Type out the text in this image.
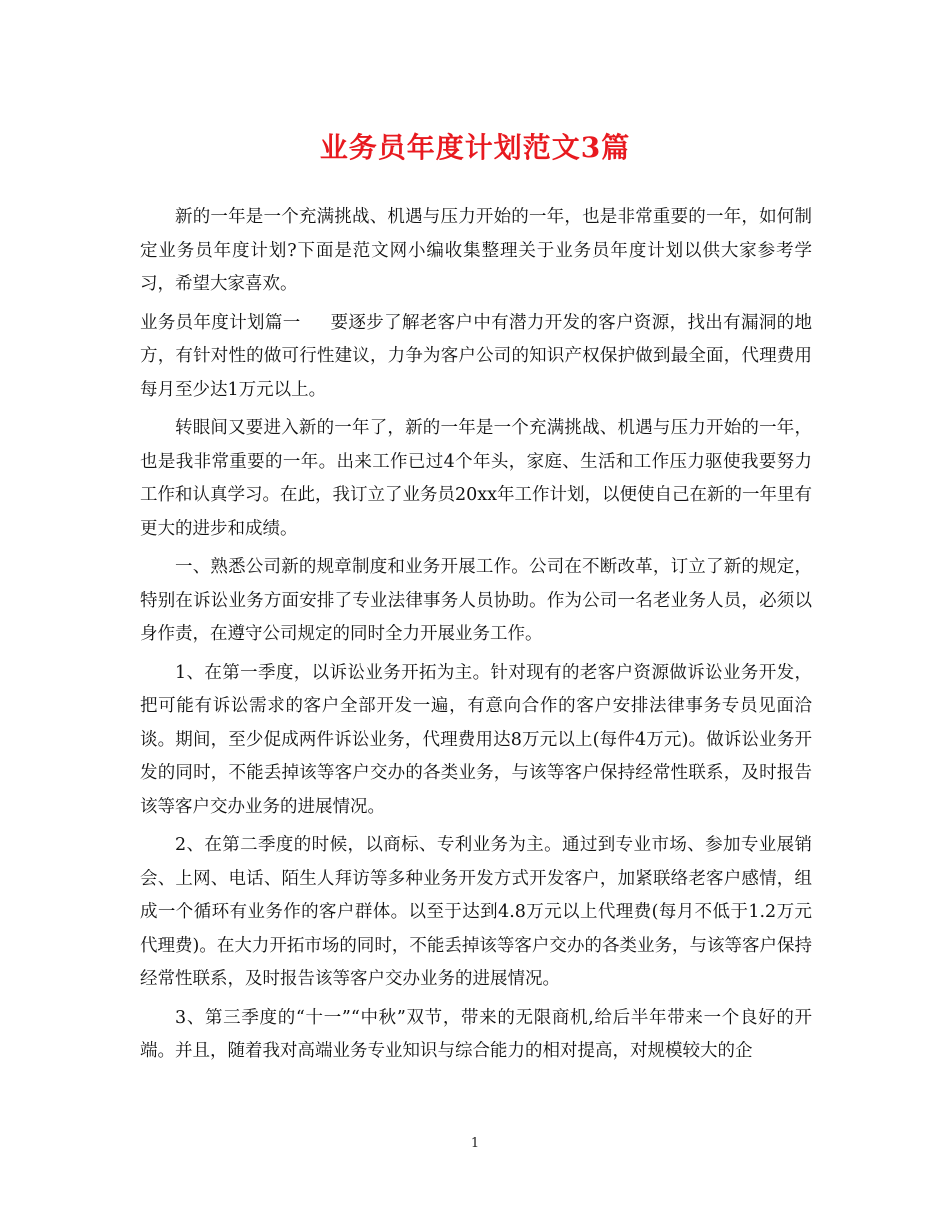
业务员年度计划范文3篇

新的一年是一个充满挑战、机遇与压力开始的一年，也是非常重要的一年，如何制定业务员年度计划?下面是范文网小编收集整理关于业务员年度计划以供大家参考学习，希望大家喜欢。

业务员年度计划篇一 要逐步了解老客户中有潜力开发的客户资源，找出有漏洞的地方，有针对性的做可行性建议，力争为客户公司的知识产权保护做到最全面，代理费用每月至少达1万元以上。

转眼间又要进入新的一年了，新的一年是一个充满挑战、机遇与压力开始的一年，也是我非常重要的一年。出来工作已过4个年头，家庭、生活和工作压力驱使我要努力工作和认真学习。在此，我订立了业务员20xx年工作计划，以便使自己在新的一年里有更大的进步和成绩。

一、熟悉公司新的规章制度和业务开展工作。公司在不断改革，订立了新的规定，特别在诉讼业务方面安排了专业法律事务人员协助。作为公司一名老业务人员，必须以身作责，在遵守公司规定的同时全力开展业务工作。

1、在第一季度，以诉讼业务开拓为主。针对现有的老客户资源做诉讼业务开发，把可能有诉讼需求的客户全部开发一遍，有意向合作的客户安排法律事务专员见面洽谈。期间，至少促成两件诉讼业务，代理费用达8万元以上(每件4万元)。做诉讼业务开发的同时，不能丢掉该等客户交办的各类业务，与该等客户保持经常性联系，及时报告该等客户交办业务的进展情况。

2、在第二季度的时候，以商标、专利业务为主。通过到专业市场、参加专业展销会、上网、电话、陌生人拜访等多种业务开发方式开发客户，加紧联络老客户感情，组成一个循环有业务作的客户群体。以至于达到4.8万元以上代理费(每月不低于1.2万元代理费)。在大力开拓市场的同时，不能丢掉该等客户交办的各类业务，与该等客户保持经常性联系，及时报告该等客户交办业务的进展情况。

3、第三季度的“十一”“中秋”双节，带来的无限商机,给后半年带来一个良好的开端。并且，随着我对高端业务专业知识与综合能力的相对提高，对规模较大的企

1
